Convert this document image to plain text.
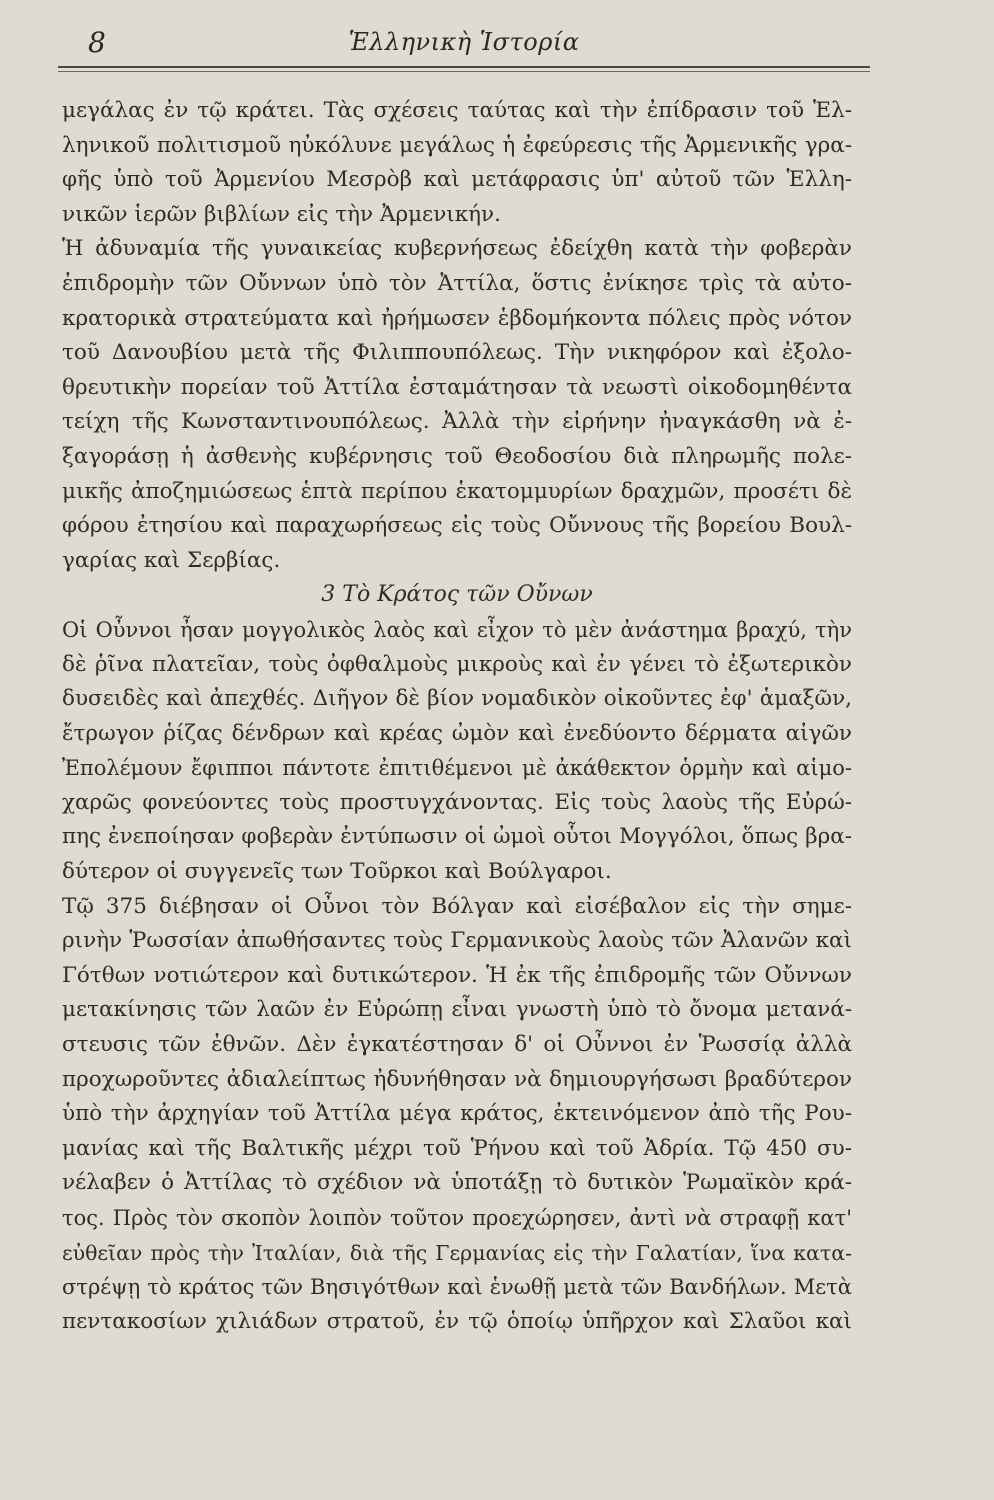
8	Ἑλληνικὴ Ἱστορία
μεγάλας ἐν τῷ κράτει. Τὰς σχέσεις ταύτας καὶ τὴν ἐπίδρασιν τοῦ Ἑλ-
ληνικοῦ πολιτισμοῦ ηὐκόλυνε μεγάλως ἡ ἐφεύρεσις τῆς Ἀρμενικῆς γρα-
φῆς ὑπὸ τοῦ Ἀρμενίου Μεσρὸβ καὶ μετάφρασις ὑπ' αὐτοῦ τῶν Ἑλλη-
νικῶν ἱερῶν βιβλίων εἰς τὴν Ἀρμενικήν.
Ἡ ἀδυναμία τῆς γυναικείας κυβερνήσεως ἐδείχθη κατὰ τὴν φοβερὰν
ἐπιδρομὴν τῶν Οὔννων ὑπὸ τὸν Ἀττίλα, ὅστις ἐνίκησε τρὶς τὰ αὐτο-
κρατορικὰ στρατεύματα καὶ ἠρήμωσεν ἑβδομήκοντα πόλεις πρὸς νότον
τοῦ Δανουβίου μετὰ τῆς Φιλιππουπόλεως. Τὴν νικηφόρον καὶ ἐξολο-
θρευτικὴν πορείαν τοῦ Ἀττίλα ἐσταμάτησαν τὰ νεωστὶ οἰκοδομηθέντα
τείχη τῆς Κωνσταντινουπόλεως. Ἀλλὰ τὴν εἰρήνην ἠναγκάσθη νὰ ἐ-
ξαγοράσῃ ἡ ἀσθενὴς κυβέρνησις τοῦ Θεοδοσίου διὰ πληρωμῆς πολε-
μικῆς ἀποζημιώσεως ἑπτὰ περίπου ἑκατομμυρίων δραχμῶν, προσέτι δὲ
φόρου ἐτησίου καὶ παραχωρήσεως εἰς τοὺς Οὔννους τῆς βορείου Βουλ-
γαρίας καὶ Σερβίας.
3 Τὸ Κράτος τῶν Οὔνων
Οἱ Οὖννοι ἦσαν μογγολικὸς λαὸς καὶ εἶχον τὸ μὲν ἀνάστημα βραχύ, τὴν
δὲ ῥῖνα πλατεῖαν, τοὺς ὀφθαλμοὺς μικροὺς καὶ ἐν γένει τὸ ἐξωτερικὸν
δυσειδὲς καὶ ἀπεχθές. Διῆγον δὲ βίον νομαδικὸν οἰκοῦντες ἐφ' ἁμαξῶν,
ἔτρωγον ῥίζας δένδρων καὶ κρέας ὠμὸν καὶ ἐνεδύοντο δέρματα αἰγῶν
Ἐπολέμουν ἔφιπποι πάντοτε ἐπιτιθέμενοι μὲ ἀκάθεκτον ὁρμὴν καὶ αἱμο-
χαρῶς φονεύοντες τοὺς προστυγχάνοντας. Εἰς τοὺς λαοὺς τῆς Εὐρώ-
πης ἐνεποίησαν φοβερὰν ἐντύπωσιν οἱ ὠμοὶ οὗτοι Μογγόλοι, ὅπως βρα-
δύτερον οἱ συγγενεῖς των Τοῦρκοι καὶ Βούλγαροι.
Τῷ 375 διέβησαν οἱ Οὖνοι τὸν Βόλγαν καὶ εἰσέβαλον εἰς τὴν σημε-
ρινὴν Ῥωσσίαν ἀπωθήσαντες τοὺς Γερμανικοὺς λαοὺς τῶν Ἀλανῶν καὶ
Γότθων νοτιώτερον καὶ δυτικώτερον. Ἡ ἐκ τῆς ἐπιδρομῆς τῶν Οὔννων
μετακίνησις τῶν λαῶν ἐν Εὐρώπῃ εἶναι γνωστὴ ὑπὸ τὸ ὄνομα μετανά-
στευσις τῶν ἐθνῶν. Δὲν ἐγκατέστησαν δ' οἱ Οὖννοι ἐν Ῥωσσίᾳ ἀλλὰ
προχωροῦντες ἀδιαλείπτως ἠδυνήθησαν νὰ δημιουργήσωσι βραδύτερον
ὑπὸ τὴν ἀρχηγίαν τοῦ Ἀττίλα μέγα κράτος, ἐκτεινόμενον ἀπὸ τῆς Ρου-
μανίας καὶ τῆς Βαλτικῆς μέχρι τοῦ Ῥήνου καὶ τοῦ Ἀδρία. Τῷ 450 συ-
νέλαβεν ὁ Ἀττίλας τὸ σχέδιον νὰ ὑποτάξῃ τὸ δυτικὸν Ῥωμαϊκὸν κρά-
τος. Πρὸς τὸν σκοπὸν λοιπὸν τοῦτον προεχώρησεν, ἀντὶ νὰ στραφῇ κατ'
εὐθεῖαν πρὸς τὴν Ἰταλίαν, διὰ τῆς Γερμανίας εἰς τὴν Γαλατίαν, ἵνα κατα-
στρέψῃ τὸ κράτος τῶν Βησιγότθων καὶ ἑνωθῇ μετὰ τῶν Βανδήλων. Μετὰ
πεντακοσίων χιλιάδων στρατοῦ, ἐν τῷ ὁποίῳ ὑπῆρχον καὶ Σλαῦοι καὶ
